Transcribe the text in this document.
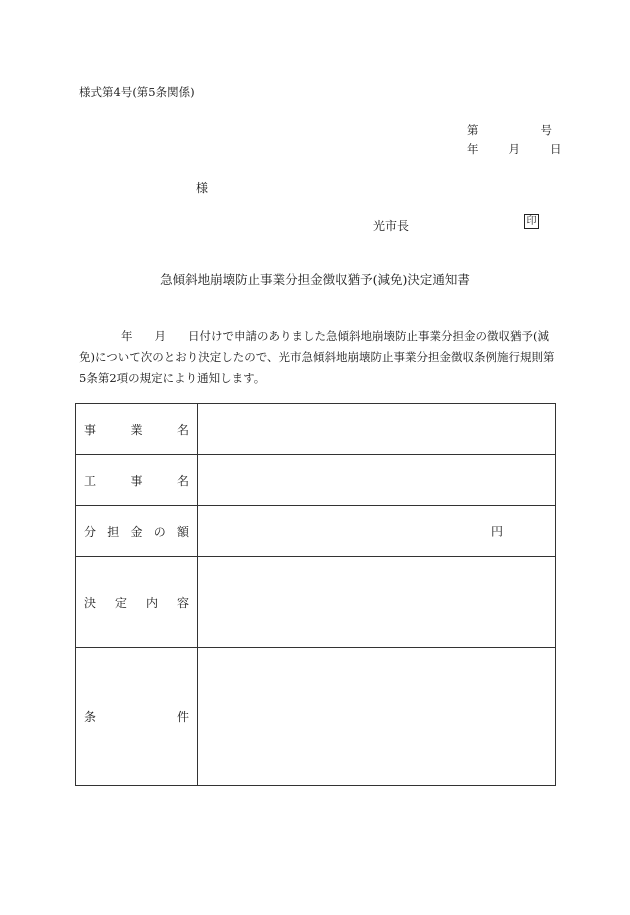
様式第4号(第5条関係)
第	号
年	月	日
様
光市長	印
急傾斜地崩壊防止事業分担金徴収猶予(減免)決定通知書
年 月 日付けで申請のありました急傾斜地崩壊防止事業分担金の徴収猶予(減免)について次のとおり決定したので、光市急傾斜地崩壊防止事業分担金徴収条例施行規則第5条第2項の規定により通知します。
事 業 名	

工 事 名	

分 担 金 の 額	円

決 定 内 容	

条 件	
